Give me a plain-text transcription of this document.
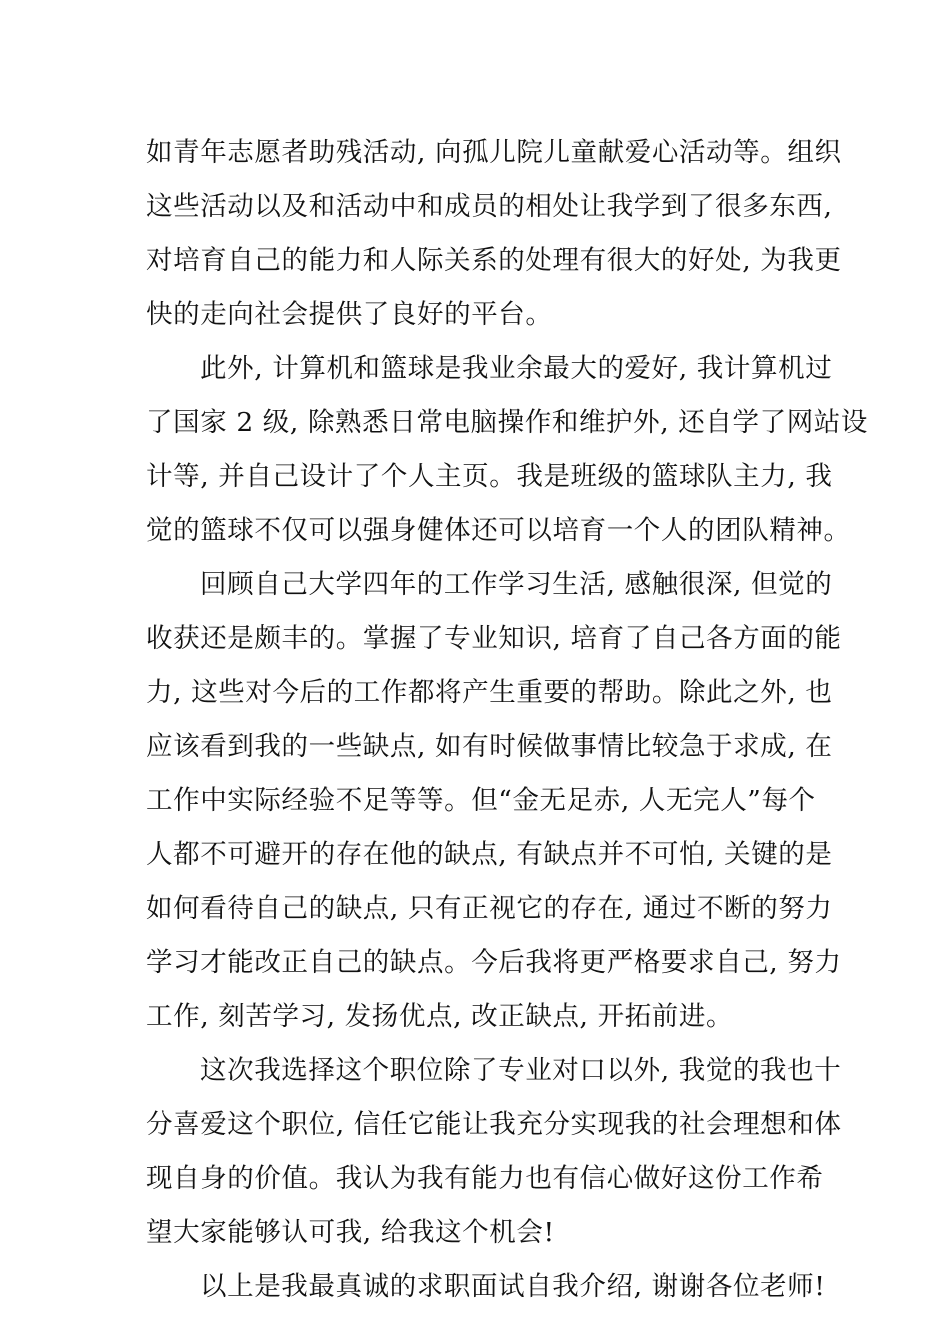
如青年志愿者助残活动, 向孤儿院儿童献爱心活动等。组织
这些活动以及和活动中和成员的相处让我学到了很多东西,
对培育自己的能力和人际关系的处理有很大的好处, 为我更
快的走向社会提供了良好的平台。
此外, 计算机和篮球是我业余最大的爱好, 我计算机过
了国家 2 级, 除熟悉日常电脑操作和维护外, 还自学了网站设
计等, 并自己设计了个人主页。我是班级的篮球队主力, 我
觉的篮球不仅可以强身健体还可以培育一个人的团队精神。
回顾自己大学四年的工作学习生活, 感触很深, 但觉的
收获还是颇丰的。掌握了专业知识, 培育了自己各方面的能
力, 这些对今后的工作都将产生重要的帮助。除此之外, 也
应该看到我的一些缺点, 如有时候做事情比较急于求成, 在
工作中实际经验不足等等。但“金无足赤, 人无完人”每个
人都不可避开的存在他的缺点, 有缺点并不可怕, 关键的是
如何看待自己的缺点, 只有正视它的存在, 通过不断的努力
学习才能改正自己的缺点。今后我将更严格要求自己, 努力
工作, 刻苦学习, 发扬优点, 改正缺点, 开拓前进。
这次我选择这个职位除了专业对口以外, 我觉的我也十
分喜爱这个职位, 信任它能让我充分实现我的社会理想和体
现自身的价值。我认为我有能力也有信心做好这份工作希
望大家能够认可我, 给我这个机会!
以上是我最真诚的求职面试自我介绍, 谢谢各位老师!
